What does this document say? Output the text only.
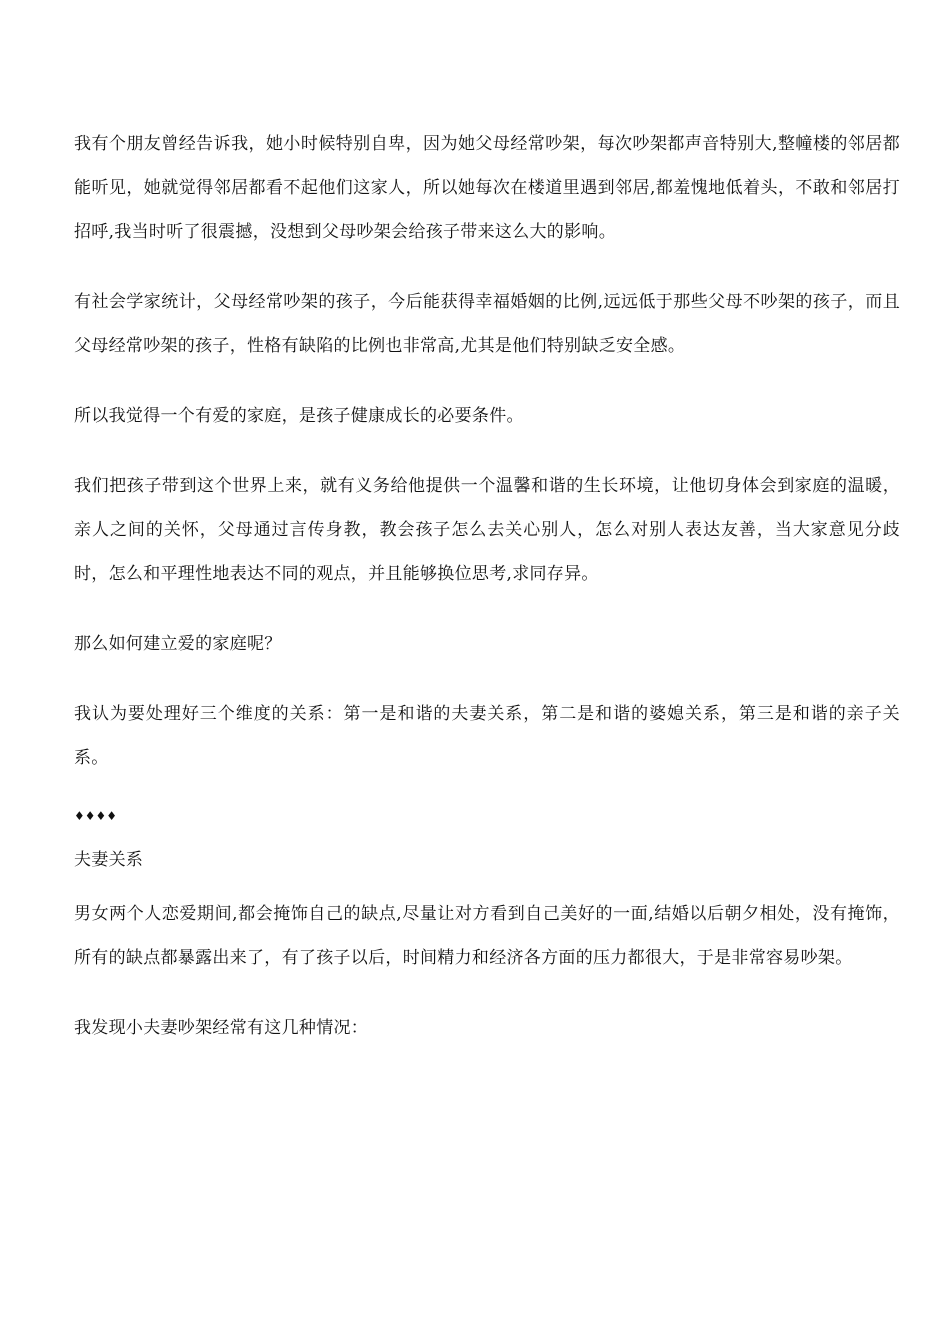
我有个朋友曾经告诉我，她小时候特别自卑，因为她父母经常吵架，每次吵架都声音特别大,整幢楼的邻居都能听见，她就觉得邻居都看不起他们这家人，所以她每次在楼道里遇到邻居,都羞愧地低着头，不敢和邻居打招呼,我当时听了很震撼，没想到父母吵架会给孩子带来这么大的影响。

有社会学家统计，父母经常吵架的孩子，今后能获得幸福婚姻的比例,远远低于那些父母不吵架的孩子，而且父母经常吵架的孩子，性格有缺陷的比例也非常高,尤其是他们特别缺乏安全感。

所以我觉得一个有爱的家庭，是孩子健康成长的必要条件。

我们把孩子带到这个世界上来，就有义务给他提供一个温馨和谐的生长环境，让他切身体会到家庭的温暖，亲人之间的关怀，父母通过言传身教，教会孩子怎么去关心别人，怎么对别人表达友善，当大家意见分歧时，怎么和平理性地表达不同的观点，并且能够换位思考,求同存异。

那么如何建立爱的家庭呢？

我认为要处理好三个维度的关系：第一是和谐的夫妻关系，第二是和谐的婆媳关系，第三是和谐的亲子关系。

♦♦♦♦

夫妻关系

男女两个人恋爱期间,都会掩饰自己的缺点,尽量让对方看到自己美好的一面,结婚以后朝夕相处，没有掩饰，所有的缺点都暴露出来了，有了孩子以后，时间精力和经济各方面的压力都很大，于是非常容易吵架。

我发现小夫妻吵架经常有这几种情况：
